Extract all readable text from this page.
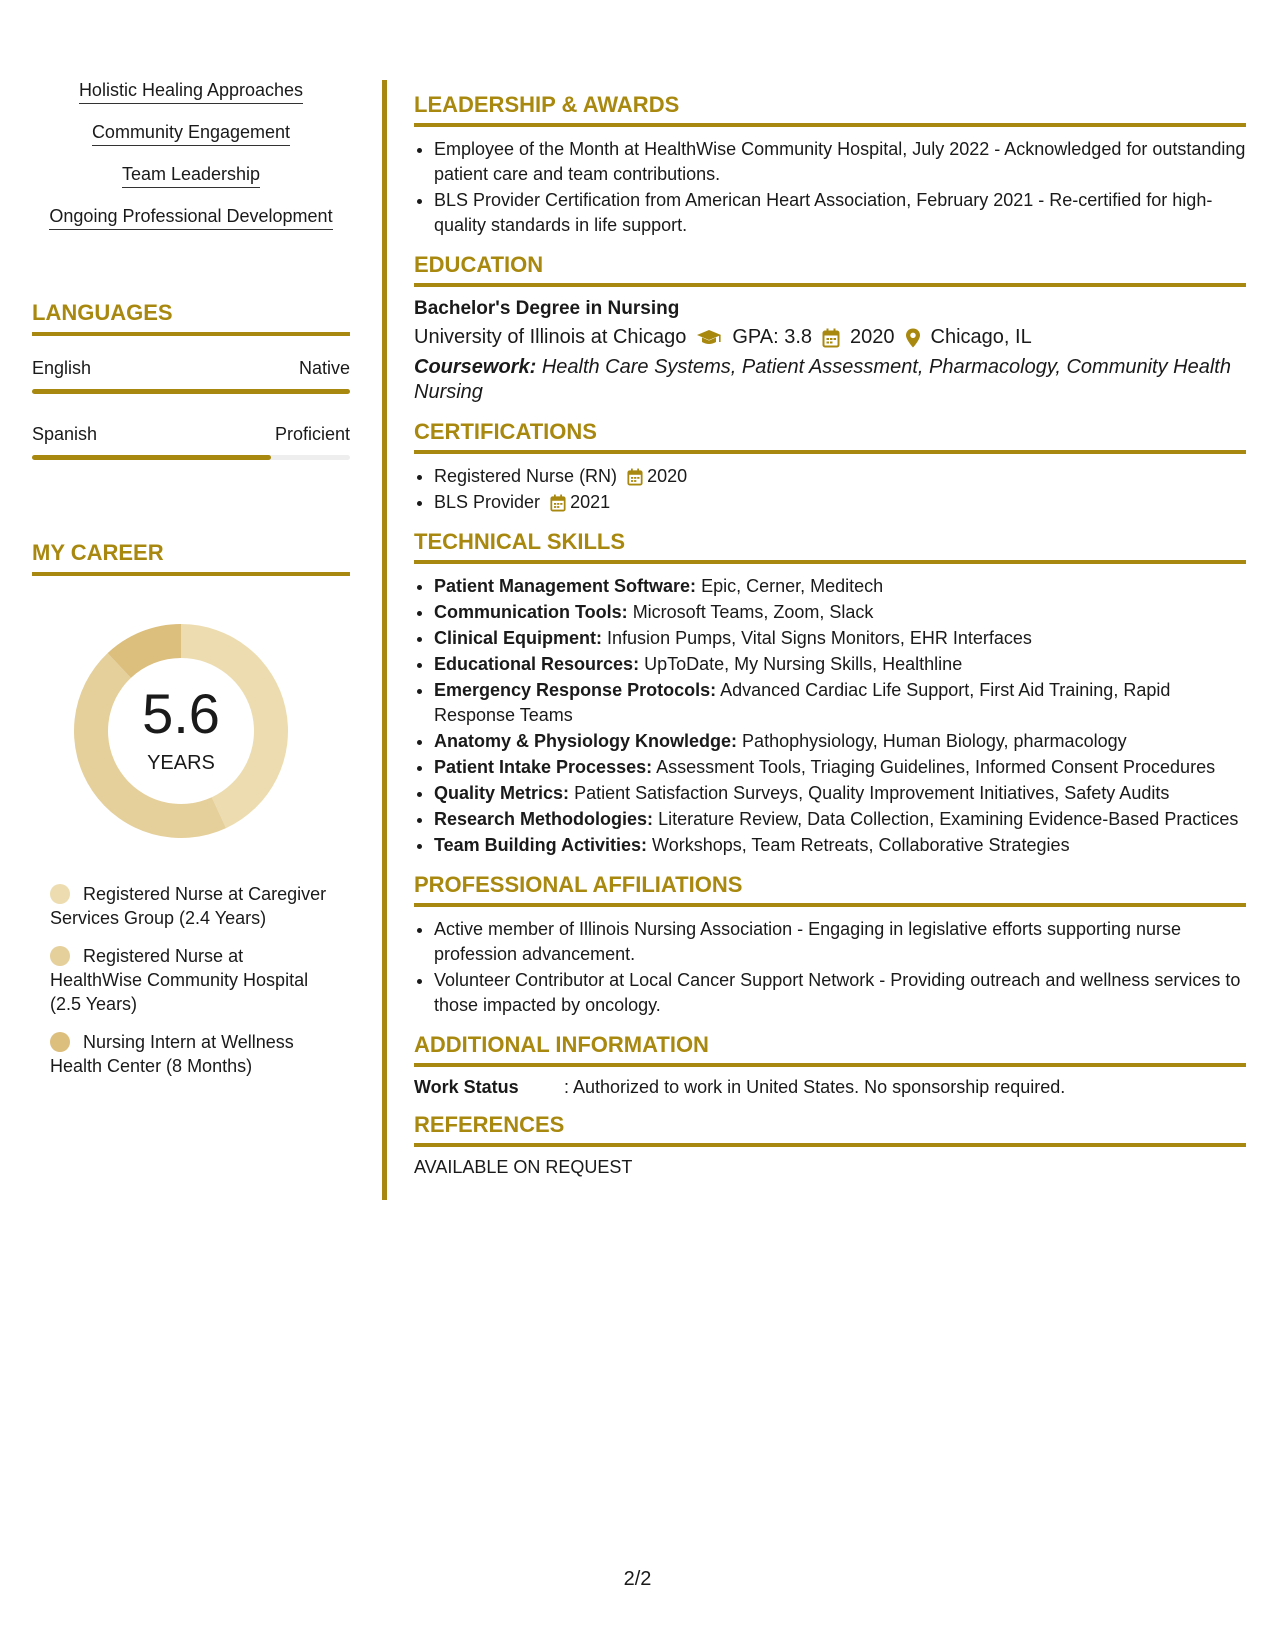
Holistic Healing Approaches
Community Engagement
Team Leadership
Ongoing Professional Development
LANGUAGES
English	Native
Spanish	Proficient
MY CAREER
5.6
YEARS
Registered Nurse at Caregiver Services Group (2.4 Years)
Registered Nurse at HealthWise Community Hospital (2.5 Years)
Nursing Intern at Wellness Health Center (8 Months)
LEADERSHIP & AWARDS
• Employee of the Month at HealthWise Community Hospital, July 2022 - Acknowledged for outstanding patient care and team contributions.
• BLS Provider Certification from American Heart Association, February 2021 - Re-certified for high-quality standards in life support.
EDUCATION
Bachelor's Degree in Nursing
University of Illinois at Chicago GPA: 3.8 2020 Chicago, IL
Coursework: Health Care Systems, Patient Assessment, Pharmacology, Community Health Nursing
CERTIFICATIONS
• Registered Nurse (RN) 2020
• BLS Provider 2021
TECHNICAL SKILLS
• Patient Management Software: Epic, Cerner, Meditech
• Communication Tools: Microsoft Teams, Zoom, Slack
• Clinical Equipment: Infusion Pumps, Vital Signs Monitors, EHR Interfaces
• Educational Resources: UpToDate, My Nursing Skills, Healthline
• Emergency Response Protocols: Advanced Cardiac Life Support, First Aid Training, Rapid Response Teams
• Anatomy & Physiology Knowledge: Pathophysiology, Human Biology, pharmacology
• Patient Intake Processes: Assessment Tools, Triaging Guidelines, Informed Consent Procedures
• Quality Metrics: Patient Satisfaction Surveys, Quality Improvement Initiatives, Safety Audits
• Research Methodologies: Literature Review, Data Collection, Examining Evidence-Based Practices
• Team Building Activities: Workshops, Team Retreats, Collaborative Strategies
PROFESSIONAL AFFILIATIONS
• Active member of Illinois Nursing Association - Engaging in legislative efforts supporting nurse profession advancement.
• Volunteer Contributor at Local Cancer Support Network - Providing outreach and wellness services to those impacted by oncology.
ADDITIONAL INFORMATION
Work Status	: Authorized to work in United States. No sponsorship required.
REFERENCES
AVAILABLE ON REQUEST
2/2
